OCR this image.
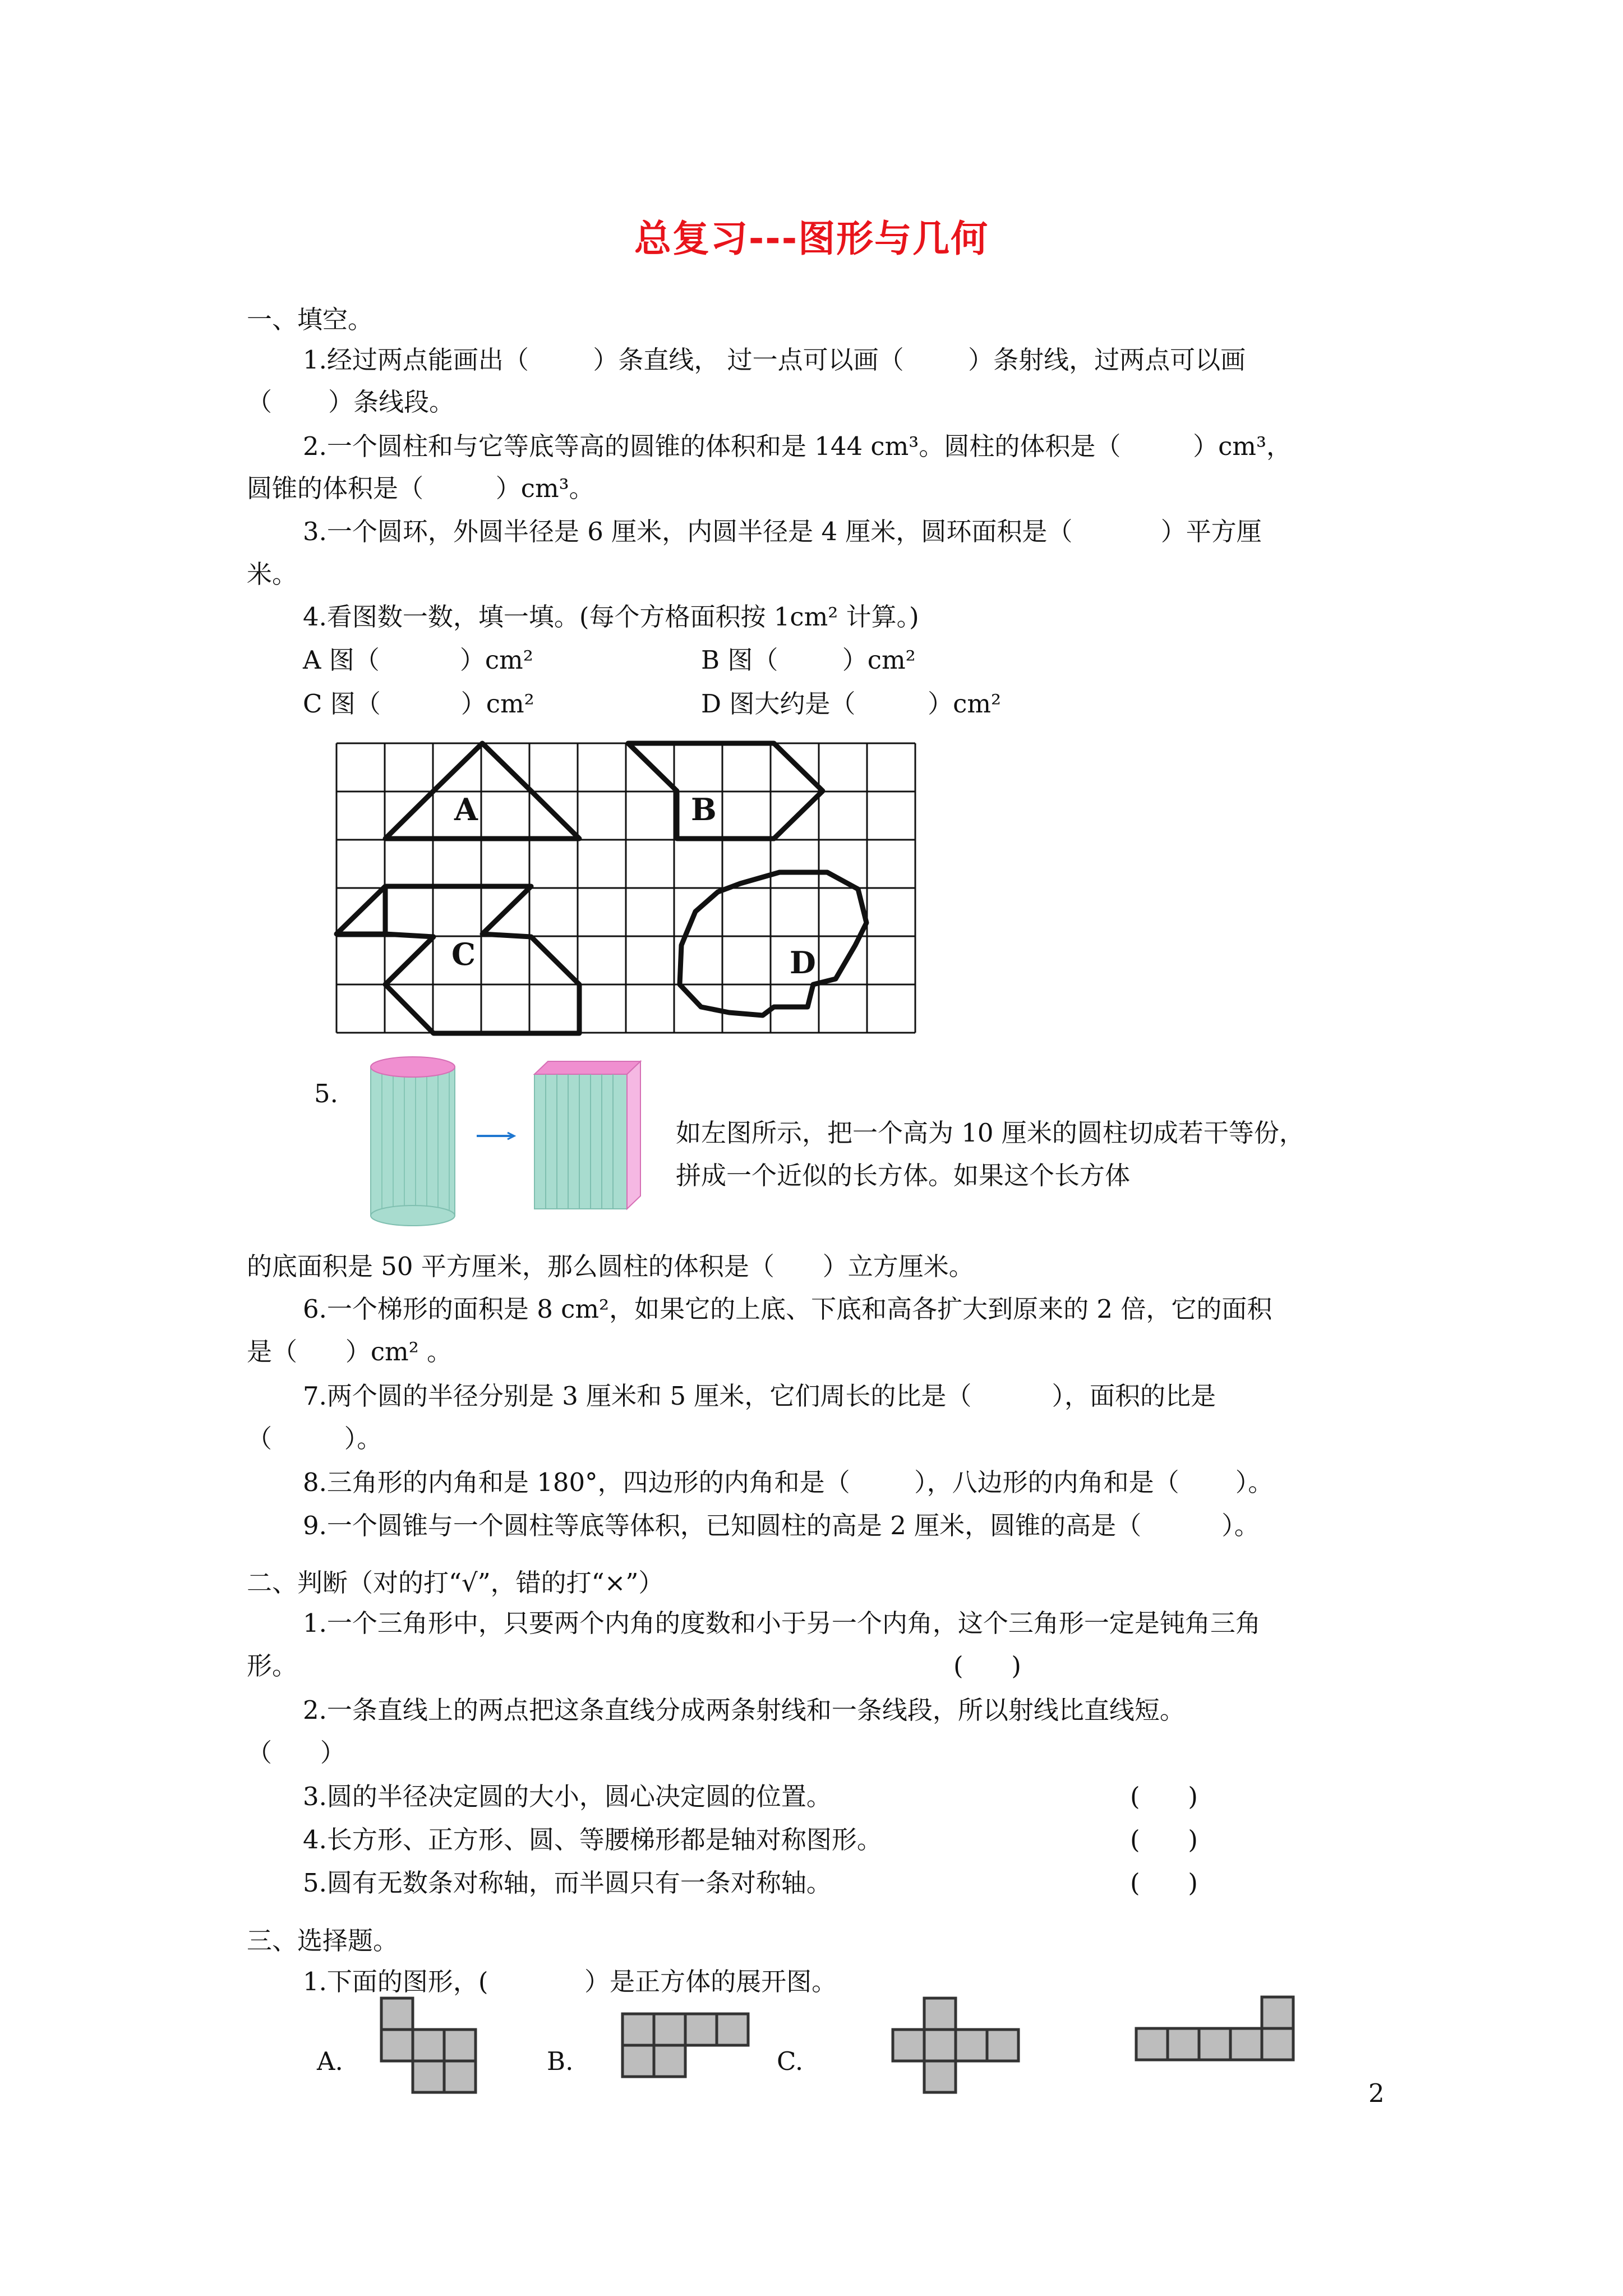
总复习---图形与几何
一、填空。
1.经过两点能画出（        ）条直线， 过一点可以画（        ）条射线，过两点可以画
（       ）条线段。
2.一个圆柱和与它等底等高的圆锥的体积和是 144 cm³。圆柱的体积是（         ）cm³，
圆锥的体积是（         ）cm³。
3.一个圆环，外圆半径是 6 厘米，内圆半径是 4 厘米，圆环面积是（           ）平方厘
米。
4.看图数一数，填一填。(每个方格面积按 1cm² 计算。)
A 图（          ）cm²	B 图（        ）cm²
C 图（          ）cm²	D 图大约是（         ）cm²
A	B
C	D
5.
如左图所示，把一个高为 10 厘米的圆柱切成若干等份，
拼成一个近似的长方体。如果这个长方体
的底面积是 50 平方厘米，那么圆柱的体积是（      ）立方厘米。
6.一个梯形的面积是 8 cm²，如果它的上底、下底和高各扩大到原来的 2 倍，它的面积
是（      ）cm² 。
7.两个圆的半径分别是 3 厘米和 5 厘米，它们周长的比是（          ），面积的比是
（         ）。
8.三角形的内角和是 180°，四边形的内角和是（        ），八边形的内角和是（       ）。
9.一个圆锥与一个圆柱等底等体积，已知圆柱的高是 2 厘米，圆锥的高是（          ）。
二、判断（对的打“√”，错的打“×”）
1.一个三角形中，只要两个内角的度数和小于另一个内角，这个三角形一定是钝角三角
形。	(      )
2.一条直线上的两点把这条直线分成两条射线和一条线段，所以射线比直线短。
（      ）
3.圆的半径决定圆的大小，圆心决定圆的位置。	(      )
4.长方形、正方形、圆、等腰梯形都是轴对称图形。	(      )
5.圆有无数条对称轴，而半圆只有一条对称轴。	(      )
三、选择题。
1.下面的图形，(            ）是正方体的展开图。
A.	B.	C.
2
